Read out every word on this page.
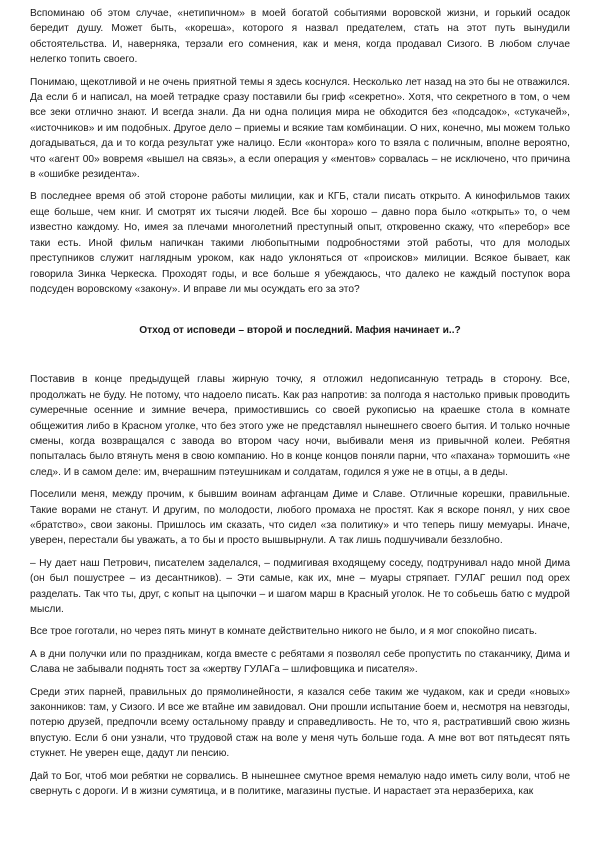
Вспоминаю об этом случае, «нетипичном» в моей богатой событиями воровской жизни, и горький осадок бередит душу. Может быть, «кореша», которого я назвал предателем, стать на этот путь вынудили обстоятельства. И, наверняка, терзали его сомнения, как и меня, когда продавал Сизого. В любом случае нелегко топить своего.

Понимаю, щекотливой и не очень приятной темы я здесь коснулся. Несколько лет назад на это бы не отважился. Да если б и написал, на моей тетрадке сразу поставили бы гриф «секретно». Хотя, что секретного в том, о чем все зеки отлично знают. И всегда знали. Да ни одна полиция мира не обходится без «подсадок», «стукачей», «источников» и им подобных. Другое дело – приемы и всякие там комбинации. О них, конечно, мы можем только догадываться, да и то когда результат уже налицо. Если «контора» кого то взяла с поличным, вполне вероятно, что «агент 00» вовремя «вышел на связь», а если операция у «ментов» сорвалась – не исключено, что причина в «ошибке резидента».

В последнее время об этой стороне работы милиции, как и КГБ, стали писать открыто. А кинофильмов таких еще больше, чем книг. И смотрят их тысячи людей. Все бы хорошо – давно пора было «открыть» то, о чем известно каждому. Но, имея за плечами многолетний преступный опыт, откровенно скажу, что «перебор» все таки есть. Иной фильм напичкан такими любопытными подробностями этой работы, что для молодых преступников служит наглядным уроком, как надо уклоняться от «происков» милиции. Всякое бывает, как говорила Зинка Черкеска. Проходят годы, и все больше я убеждаюсь, что далеко не каждый поступок вора подсуден воровскому «закону». И вправе ли мы осуждать его за это?

Отход от исповеди – второй и последний. Мафия начинает и..?

Поставив в конце предыдущей главы жирную точку, я отложил недописанную тетрадь в сторону. Все, продолжать не буду. Не потому, что надоело писать. Как раз напротив: за полгода я настолько привык проводить сумеречные осенние и зимние вечера, примостившись со своей рукописью на краешке стола в комнате общежития либо в Красном уголке, что без этого уже не представлял нынешнего своего бытия. И только ночные смены, когда возвращался с завода во втором часу ночи, выбивали меня из привычной колеи. Ребятня попыталась было втянуть меня в свою компанию. Но в конце концов поняли парни, что «пахана» тормошить «не след». И в самом деле: им, вчерашним пэтеушникам и солдатам, годился я уже не в отцы, а в деды.

Поселили меня, между прочим, к бывшим воинам афганцам Диме и Славе. Отличные корешки, правильные. Такие ворами не станут. И другим, по молодости, любого промаха не простят. Как я вскоре понял, у них свое «братство», свои законы. Пришлось им сказать, что сидел «за политику» и что теперь пишу мемуары. Иначе, уверен, перестали бы уважать, а то бы и просто вышвырнули. А так лишь подшучивали беззлобно.

– Ну дает наш Петрович, писателем заделался, – подмигивая входящему соседу, подтрунивал надо мной Дима (он был пошустрее – из десантников). – Эти самые, как их, мне – муары стряпает. ГУЛАГ решил под орех разделать. Так что ты, друг, с копыт на цыпочки – и шагом марш в Красный уголок. Не то собьешь батю с мудрой мысли.

Все трое гоготали, но через пять минут в комнате действительно никого не было, и я мог спокойно писать.

А в дни получки или по праздникам, когда вместе с ребятами я позволял себе пропустить по стаканчику, Дима и Слава не забывали поднять тост за «жертву ГУЛАГа – шлифовщика и писателя».

Среди этих парней, правильных до прямолинейности, я казался себе таким же чудаком, как и среди «новых» законников: там, у Сизого. И все же втайне им завидовал. Они прошли испытание боем и, несмотря на невзгоды, потерю друзей, предпочли всему остальному правду и справедливость. Не то, что я, растративший свою жизнь впустую. Если б они узнали, что трудовой стаж на воле у меня чуть больше года. А мне вот вот пятьдесят пять стукнет. Не уверен еще, дадут ли пенсию.

Дай то Бог, чтоб мои ребятки не сорвались. В нынешнее смутное время немалую надо иметь силу воли, чтоб не свернуть с дороги. И в жизни сумятица, и в политике, магазины пустые. И нарастает эта неразбериха, как
